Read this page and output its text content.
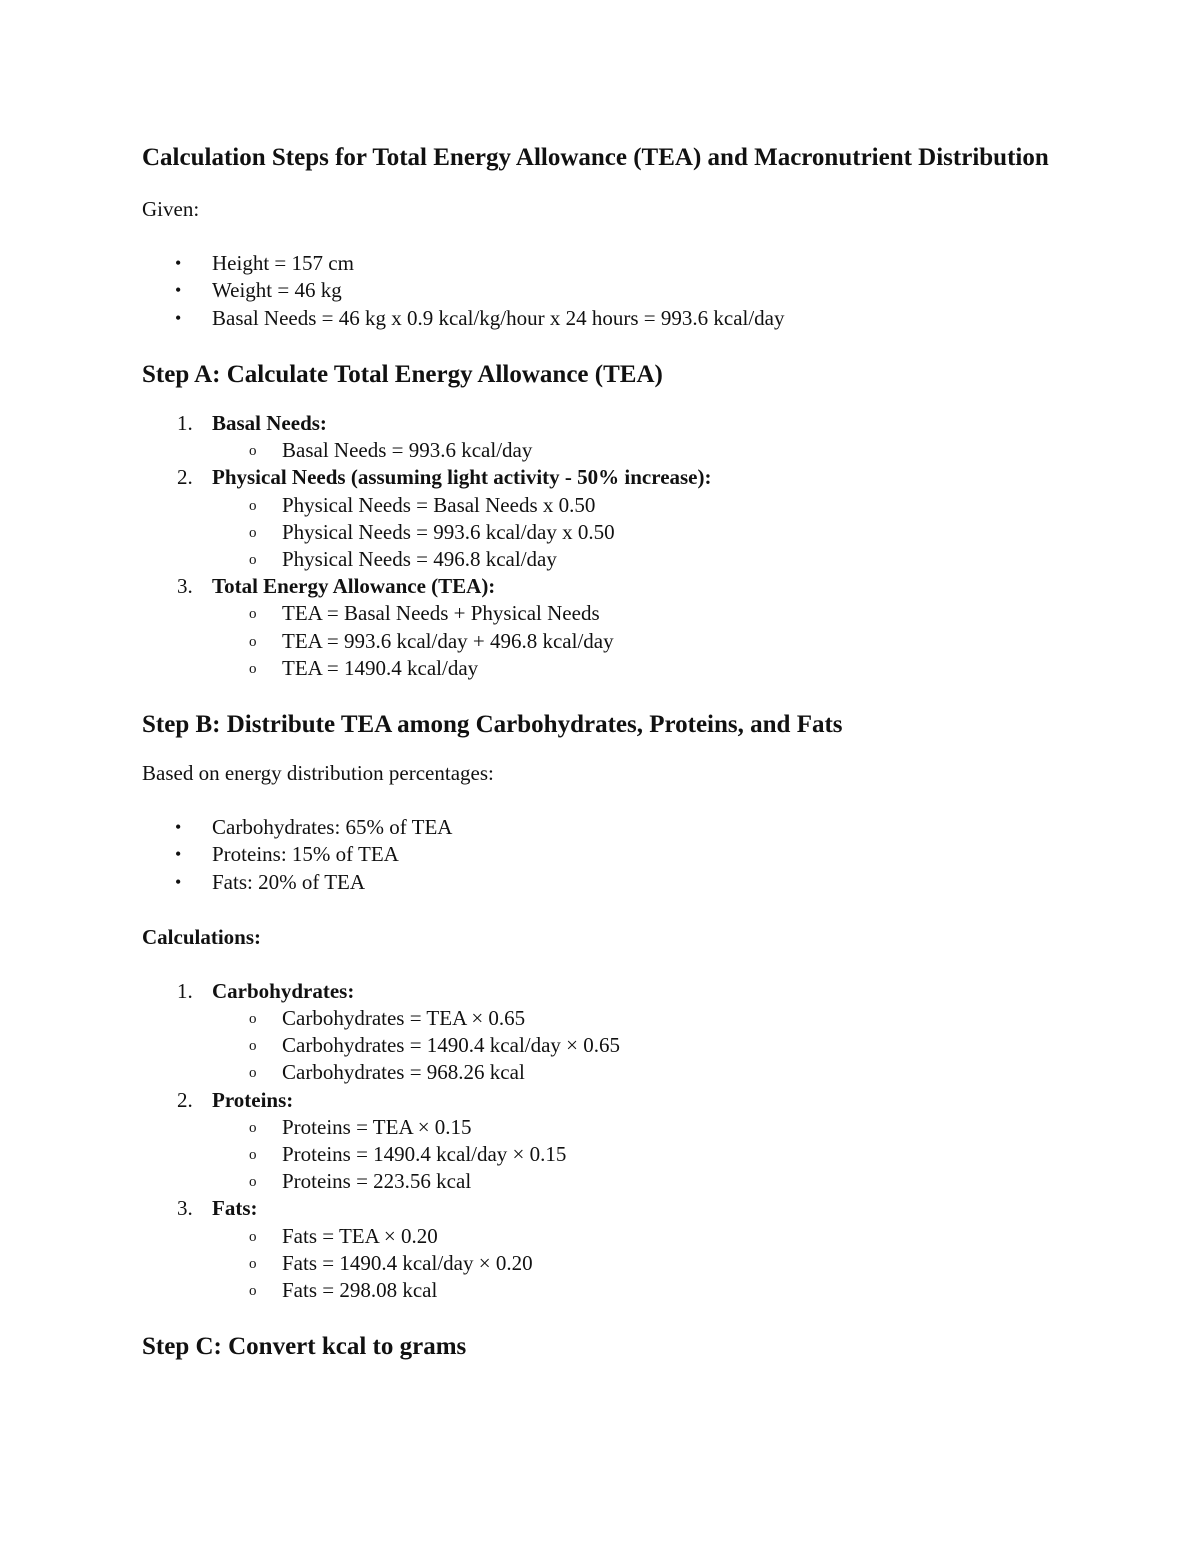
Calculation Steps for Total Energy Allowance (TEA) and Macronutrient Distribution

Given:

• Height = 157 cm
• Weight = 46 kg
• Basal Needs = 46 kg x 0.9 kcal/kg/hour x 24 hours = 993.6 kcal/day
Step A: Calculate Total Energy Allowance (TEA)
1. Basal Needs:
o Basal Needs = 993.6 kcal/day
2. Physical Needs (assuming light activity - 50% increase):
o Physical Needs = Basal Needs x 0.50
o Physical Needs = 993.6 kcal/day x 0.50
o Physical Needs = 496.8 kcal/day
3. Total Energy Allowance (TEA):
o TEA = Basal Needs + Physical Needs
o TEA = 993.6 kcal/day + 496.8 kcal/day
o TEA = 1490.4 kcal/day
Step B: Distribute TEA among Carbohydrates, Proteins, and Fats

Based on energy distribution percentages:

• Carbohydrates: 65% of TEA
• Proteins: 15% of TEA
• Fats: 20% of TEA

Calculations:

1. Carbohydrates:
o Carbohydrates = TEA × 0.65
o Carbohydrates = 1490.4 kcal/day × 0.65
o Carbohydrates = 968.26 kcal
2. Proteins:
o Proteins = TEA × 0.15
o Proteins = 1490.4 kcal/day × 0.15
o Proteins = 223.56 kcal
3. Fats:
o Fats = TEA × 0.20
o Fats = 1490.4 kcal/day × 0.20
o Fats = 298.08 kcal
Step C: Convert kcal to grams
